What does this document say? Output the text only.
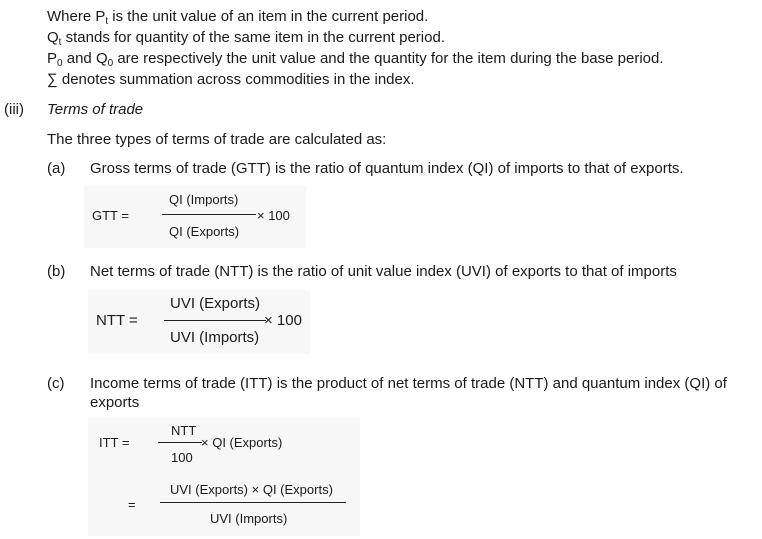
Where $P_t$ is the unit value of an item in the current period.
$Q_t$ stands for quantity of the same item in the current period.
$P_0$ and $Q_0$ are respectively the unit value and the quantity for the item during the base period.
∑ denotes summation across commodities in the index.
(iii) Terms of trade
The three types of terms of trade are calculated as:
(a) Gross terms of trade (GTT) is the ratio of quantum index (QI) of imports to that of exports.
GTT =
QI (Imports)
QI (Exports)
× 100
(b) Net terms of trade (NTT) is the ratio of unit value index (UVI) of exports to that of imports
NTT =
UVI (Exports)
UVI (Imports)
× 100
(c) Income terms of trade (ITT) is the product of net terms of trade (NTT) and quantum index (QI) of
exports
ITT =
NTT
100
× QI (Exports)
=
UVI (Exports) × QI (Exports)
UVI (Imports)
